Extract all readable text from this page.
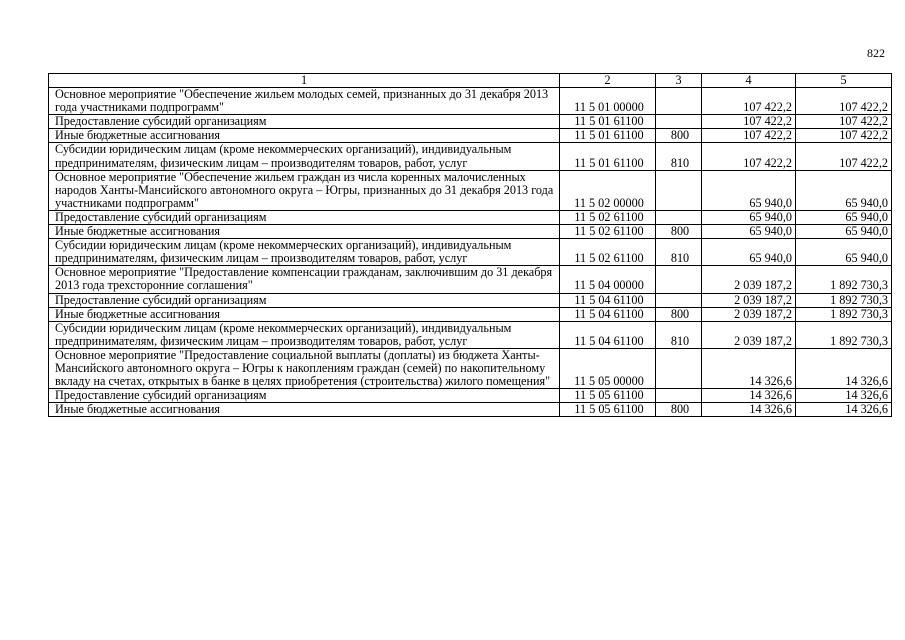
822
1	2	3	4	5
Основное мероприятие "Обеспечение жильем молодых семей, признанных до 31 декабря 2013 года участниками подпрограмм"	11 5 01 00000		107 422,2	107 422,2
Предоставление субсидий организациям	11 5 01 61100		107 422,2	107 422,2
Иные бюджетные ассигнования	11 5 01 61100	800	107 422,2	107 422,2
Субсидии юридическим лицам (кроме некоммерческих организаций), индивидуальным предпринимателям, физическим лицам – производителям товаров, работ, услуг	11 5 01 61100	810	107 422,2	107 422,2
Основное мероприятие "Обеспечение жильем граждан из числа коренных малочисленных народов Ханты-Мансийского автономного округа – Югры, признанных до 31 декабря 2013 года участниками подпрограмм"	11 5 02 00000		65 940,0	65 940,0
Предоставление субсидий организациям	11 5 02 61100		65 940,0	65 940,0
Иные бюджетные ассигнования	11 5 02 61100	800	65 940,0	65 940,0
Субсидии юридическим лицам (кроме некоммерческих организаций), индивидуальным предпринимателям, физическим лицам – производителям товаров, работ, услуг	11 5 02 61100	810	65 940,0	65 940,0
Основное мероприятие "Предоставление компенсации гражданам, заключившим до 31 декабря 2013 года трехсторонние соглашения"	11 5 04 00000		2 039 187,2	1 892 730,3
Предоставление субсидий организациям	11 5 04 61100		2 039 187,2	1 892 730,3
Иные бюджетные ассигнования	11 5 04 61100	800	2 039 187,2	1 892 730,3
Субсидии юридическим лицам (кроме некоммерческих организаций), индивидуальным предпринимателям, физическим лицам – производителям товаров, работ, услуг	11 5 04 61100	810	2 039 187,2	1 892 730,3
Основное мероприятие "Предоставление социальной выплаты (доплаты) из бюджета Ханты-Мансийского автономного округа – Югры к накоплениям граждан (семей) по накопительному вкладу на счетах, открытых в банке в целях приобретения (строительства) жилого помещения"	11 5 05 00000		14 326,6	14 326,6
Предоставление субсидий организациям	11 5 05 61100		14 326,6	14 326,6
Иные бюджетные ассигнования	11 5 05 61100	800	14 326,6	14 326,6
